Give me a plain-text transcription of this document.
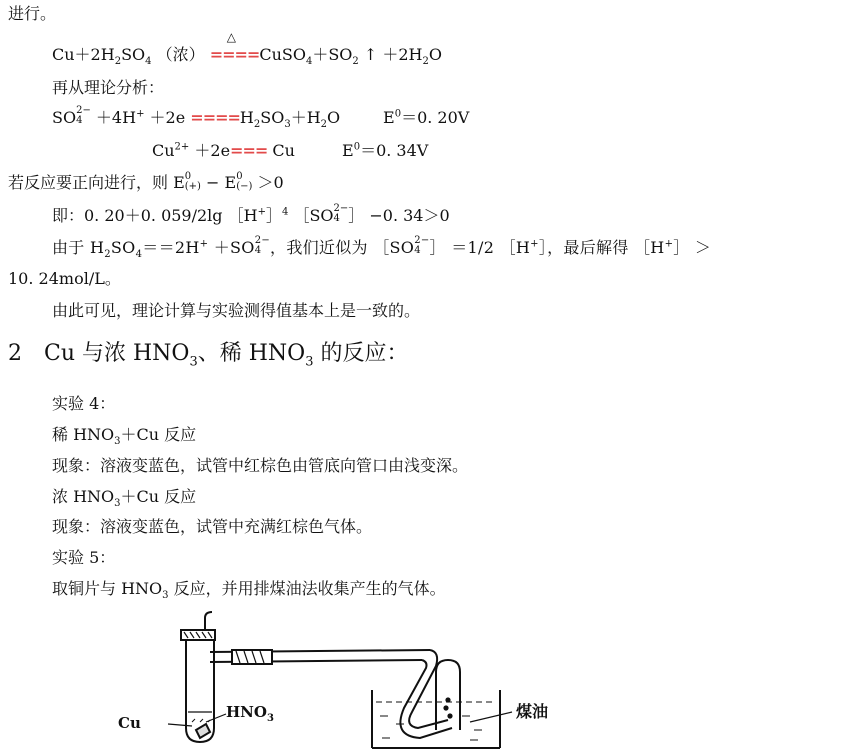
进行。
$Cu+2H_2SO_4$ （浓）
△
$====CuSO_4+SO_2$ ↑ $+2H_2O$
再从理论分析：
SO 2−
$4 +4H^+ +2e ====H_2SO_3+H_2O$	$E^0=0$. 20V
$Cu^{2+} +2e=== Cu$	$E^0=0$. 34V
若反应要正向进行，则 E 0
(+) − E 0
(−) ＞0
即：0. 20＋0. 059/2lg ［H+］$^4$ ［SO 2−
4 ］ −0. 34＞0
由于 $H_2SO_4==2H^+ +SO$ 2−
4 ，我们近似为 ［SO 2−
4 ］ ＝1/2 ［H+］，最后解得 ［H+］ ＞
10. 24mol/L。
由此可见，理论计算与实验测得值基本上是一致的。
2　Cu 与浓 $HNO_3$、稀 $HNO_3$ 的反应：
实验 4：
稀 $HNO_3+Cu$ 反应
现象：溶液变蓝色，试管中红棕色由管底向管口由浅变深。
浓 $HNO_3+Cu$ 反应
现象：溶液变蓝色，试管中充满红棕色气体。
实验 5：
取铜片与 $HNO_3$ 反应，并用排煤油法收集产生的气体。
Cu
$HNO_3$	煤油
